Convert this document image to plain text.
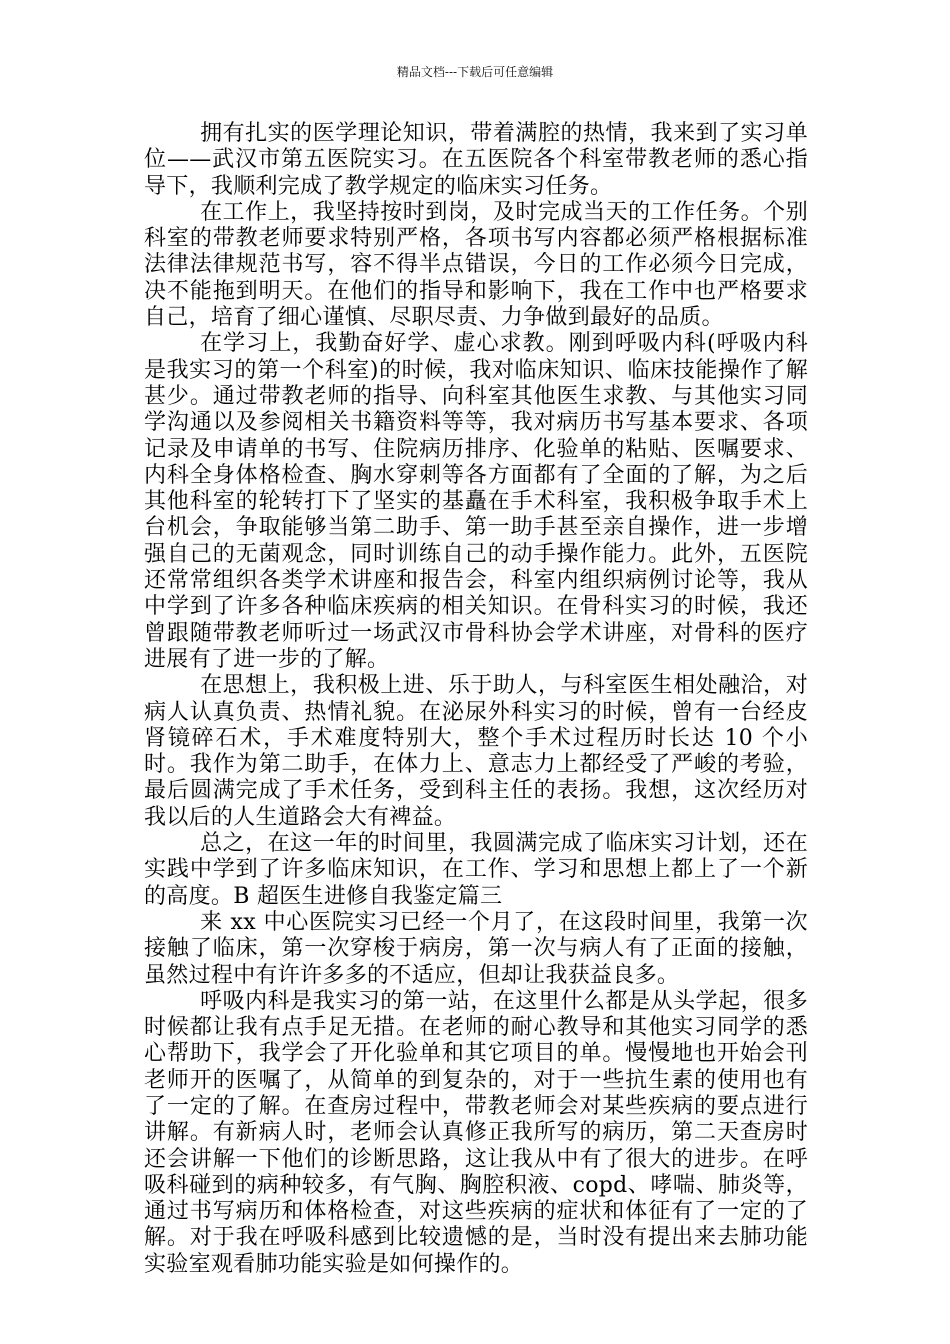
精品文档---下载后可任意编辑

拥有扎实的医学理论知识，带着满腔的热情，我来到了实习单位——武汉市第五医院实习。在五医院各个科室带教老师的悉心指导下，我顺利完成了教学规定的临床实习任务。

在工作上，我坚持按时到岗，及时完成当天的工作任务。个别科室的带教老师要求特别严格，各项书写内容都必须严格根据标准法律法律规范书写，容不得半点错误，今日的工作必须今日完成，决不能拖到明天。在他们的指导和影响下，我在工作中也严格要求自己，培育了细心谨慎、尽职尽责、力争做到最好的品质。

在学习上，我勤奋好学、虚心求教。刚到呼吸内科(呼吸内科是我实习的第一个科室)的时候，我对临床知识、临床技能操作了解甚少。通过带教老师的指导、向科室其他医生求教、与其他实习同学沟通以及参阅相关书籍资料等等，我对病历书写基本要求、各项记录及申请单的书写、住院病历排序、化验单的粘贴、医嘱要求、内科全身体格检查、胸水穿刺等各方面都有了全面的了解，为之后其他科室的轮转打下了坚实的基矗在手术科室，我积极争取手术上台机会，争取能够当第二助手、第一助手甚至亲自操作，进一步增强自己的无菌观念，同时训练自己的动手操作能力。此外，五医院还常常组织各类学术讲座和报告会，科室内组织病例讨论等，我从中学到了许多各种临床疾病的相关知识。在骨科实习的时候，我还曾跟随带教老师听过一场武汉市骨科协会学术讲座，对骨科的医疗进展有了进一步的了解。

在思想上，我积极上进、乐于助人，与科室医生相处融洽，对病人认真负责、热情礼貌。在泌尿外科实习的时候，曾有一台经皮肾镜碎石术，手术难度特别大，整个手术过程历时长达 10 个小时。我作为第二助手，在体力上、意志力上都经受了严峻的考验，最后圆满完成了手术任务，受到科主任的表扬。我想，这次经历对我以后的人生道路会大有裨益。

总之，在这一年的时间里，我圆满完成了临床实习计划，还在实践中学到了许多临床知识，在工作、学习和思想上都上了一个新的高度。B 超医生进修自我鉴定篇三

来 xx 中心医院实习已经一个月了，在这段时间里，我第一次接触了临床，第一次穿梭于病房，第一次与病人有了正面的接触，虽然过程中有许许多多的不适应，但却让我获益良多。

呼吸内科是我实习的第一站，在这里什么都是从头学起，很多时候都让我有点手足无措。在老师的耐心教导和其他实习同学的悉心帮助下，我学会了开化验单和其它项目的单。慢慢地也开始会刊老师开的医嘱了，从简单的到复杂的，对于一些抗生素的使用也有了一定的了解。在查房过程中，带教老师会对某些疾病的要点进行讲解。有新病人时，老师会认真修正我所写的病历，第二天查房时还会讲解一下他们的诊断思路，这让我从中有了很大的进步。在呼吸科碰到的病种较多，有气胸、胸腔积液、copd、哮喘、肺炎等，通过书写病历和体格检查，对这些疾病的症状和体征有了一定的了解。对于我在呼吸科感到比较遗憾的是，当时没有提出来去肺功能实验室观看肺功能实验是如何操作的。
